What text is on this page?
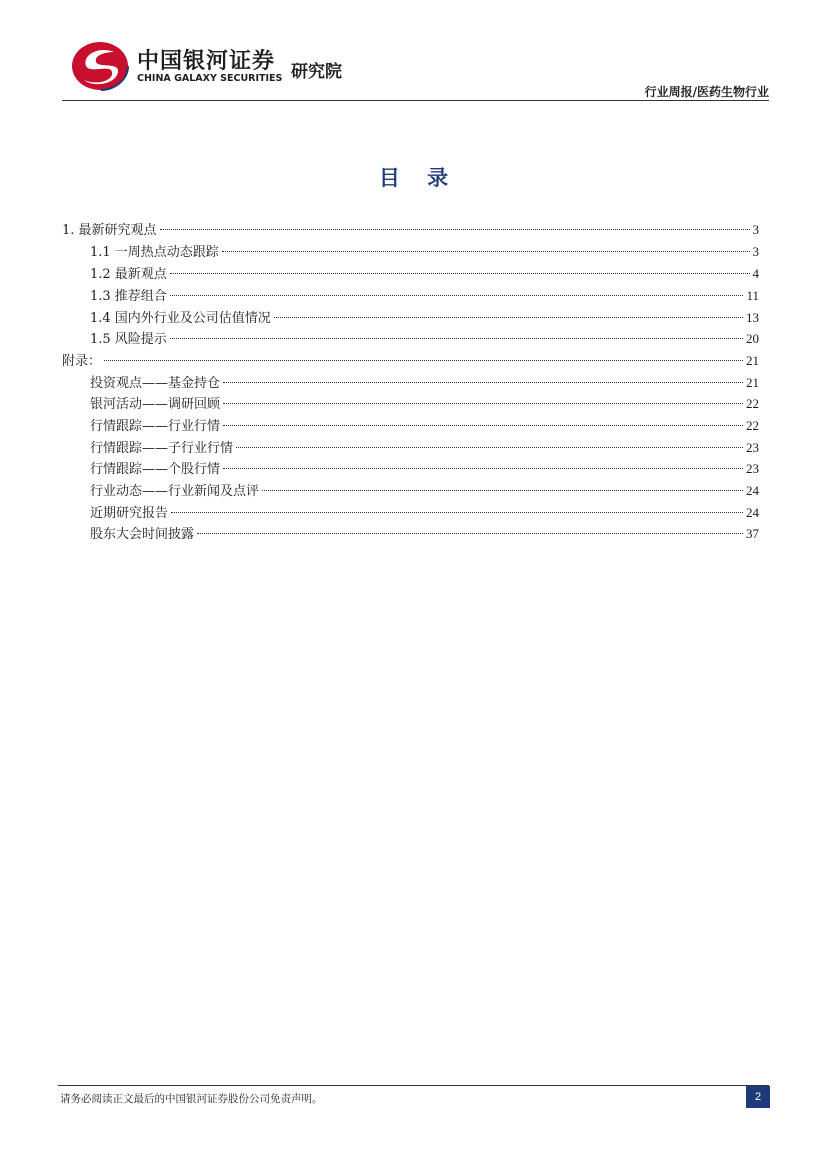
中国银河证券
CHINA GALAXY SECURITIES 研究院
行业周报/医药生物行业
目 录
1. 最新研究观点	3
1.1 一周热点动态跟踪	3
1.2 最新观点	4
1.3 推荐组合	11
1.4 国内外行业及公司估值情况	13
1.5 风险提示	20
附录：	21
投资观点——基金持仓	21
银河活动——调研回顾	22
行情跟踪——行业行情	22
行情跟踪——子行业行情	23
行情跟踪——个股行情	23
行业动态——行业新闻及点评	24
近期研究报告	24
股东大会时间披露	37
请务必阅读正文最后的中国银河证券股份公司免责声明。	2
